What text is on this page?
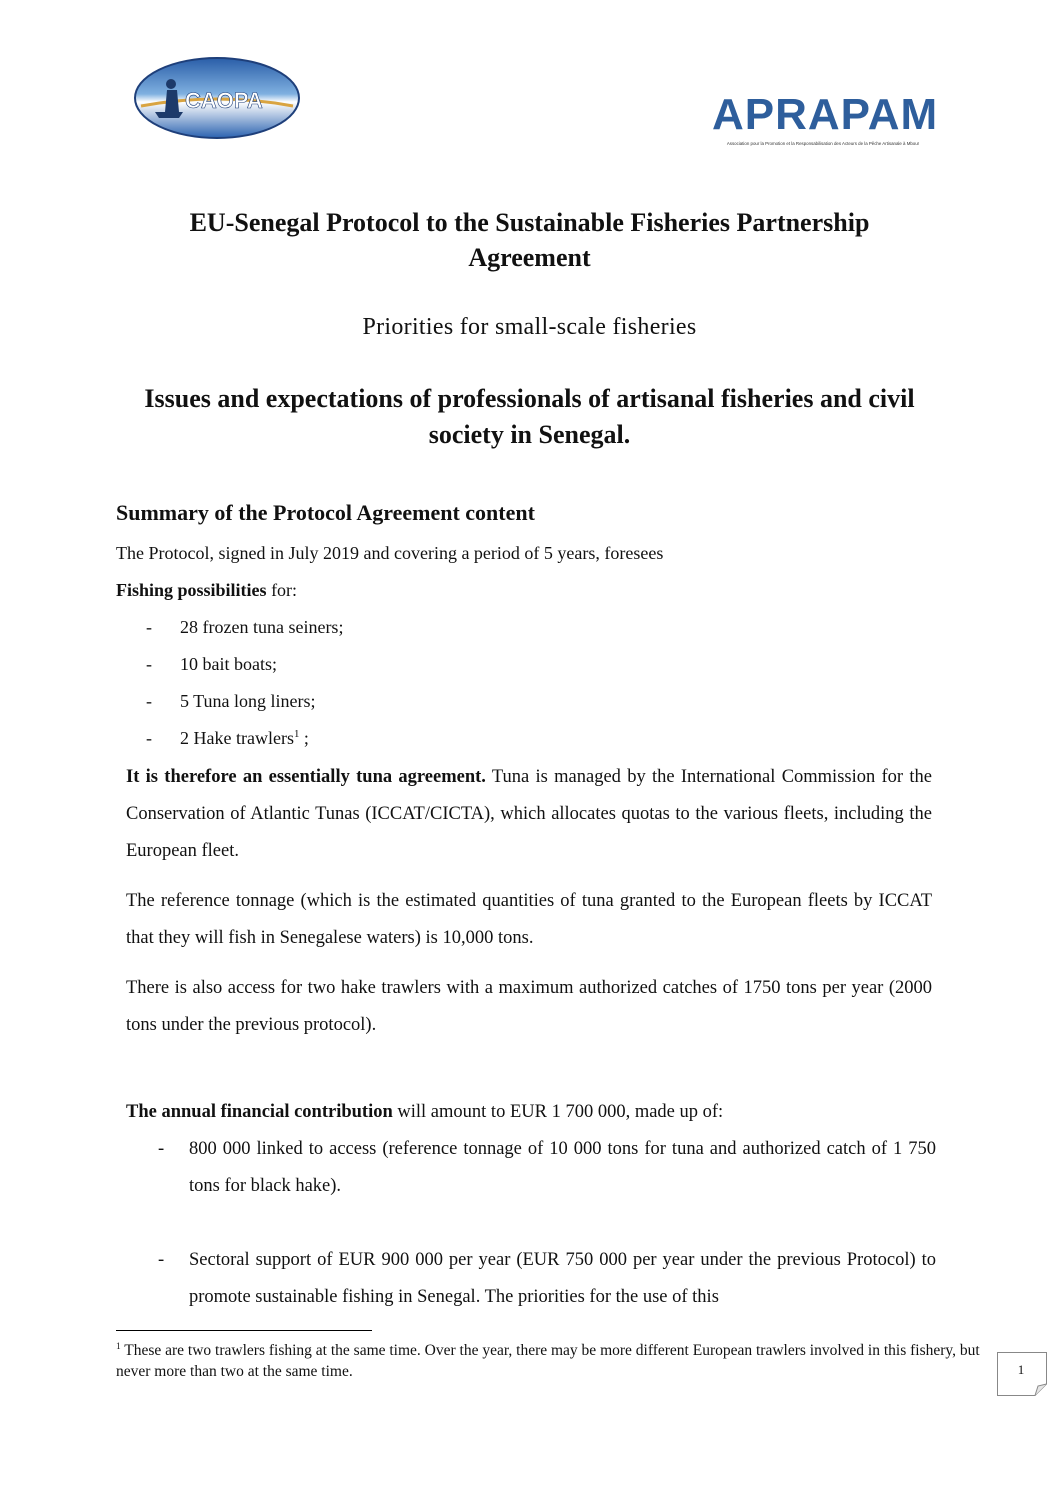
CAOPA	APRAPAM
Association pour la Promotion et la Responsabilisation des Acteurs de la Pêche Artisanale à Mbour
EU-Senegal Protocol to the Sustainable Fisheries Partnership Agreement
Priorities for small-scale fisheries
Issues and expectations of professionals of artisanal fisheries and civil society in Senegal.
Summary of the Protocol Agreement content
The Protocol, signed in July 2019 and covering a period of 5 years, foresees
Fishing possibilities for:
- 28 frozen tuna seiners;
- 10 bait boats;
- 5 Tuna long liners;
- 2 Hake trawlers$^1$ ;
It is therefore an essentially tuna agreement. Tuna is managed by the International Commission for the Conservation of Atlantic Tunas (ICCAT/CICTA), which allocates quotas to the various fleets, including the European fleet.
The reference tonnage (which is the estimated quantities of tuna granted to the European fleets by ICCAT that they will fish in Senegalese waters) is 10,000 tons.
There is also access for two hake trawlers with a maximum authorized catches of 1750 tons per year (2000 tons under the previous protocol).
The annual financial contribution will amount to EUR 1 700 000, made up of:
- 800 000 linked to access (reference tonnage of 10 000 tons for tuna and authorized catch of 1 750 tons for black hake).
- Sectoral support of EUR 900 000 per year (EUR 750 000 per year under the previous Protocol) to promote sustainable fishing in Senegal. The priorities for the use of this
$^1$ These are two trawlers fishing at the same time. Over the year, there may be more different European trawlers involved in this fishery, but never more than two at the same time.	1
